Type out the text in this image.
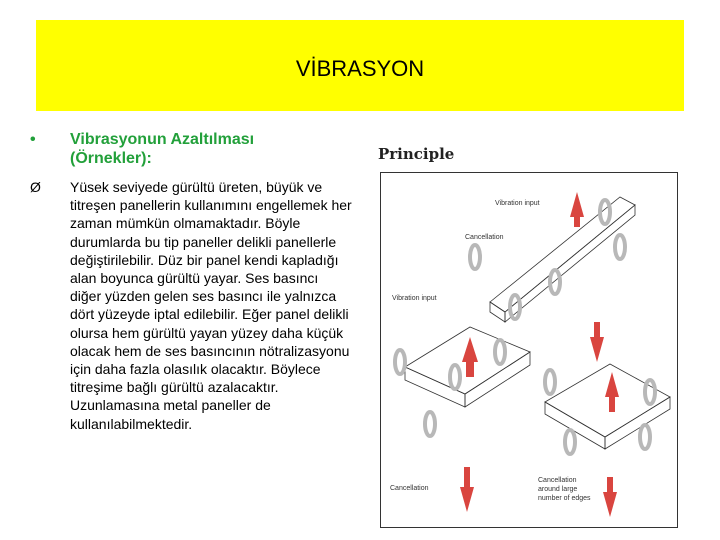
VİBRASYON
• Vibrasyonun Azaltılması (Örnekler):
Ø Yüsek seviyede gürültü üreten, büyük ve titreşen panellerin kullanımını engellemek her zaman mümkün olmamaktadır. Böyle durumlarda bu tip paneller delikli panellerle değiştirilebilir. Düz bir panel kendi kapladığı alan boyunca gürültü yayar. Ses basıncı diğer yüzden gelen ses basıncı ile yalnızca dört yüzeyde iptal edilebilir. Eğer panel delikli olursa hem gürültü yayan yüzey daha küçük olacak hem de ses basıncının nötralizasyonu için daha fazla olasılık olacaktır. Böylece titreşime bağlı gürültü azalacaktır. Uzunlamasına metal paneller de kullanılabilmektedir.
Principle
Vibration input
Cancellation
Vibration input
Cancellation
Cancellation
around large
number of edges
